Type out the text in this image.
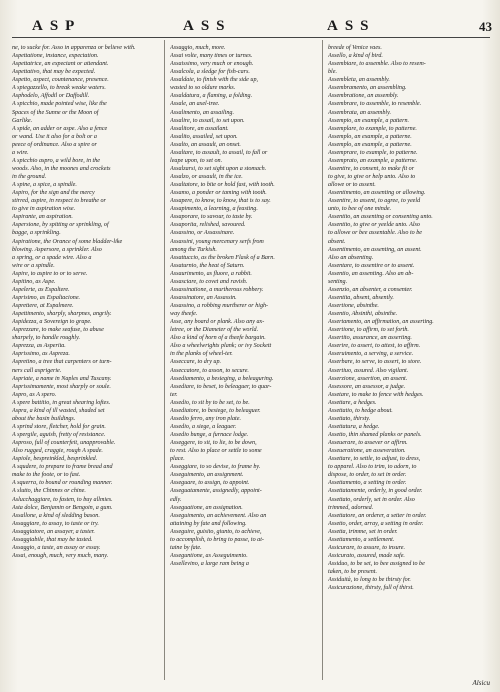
ASP	ASS	ASS	43
ne, to sucke for. Asso in apparenza or believe with.
Aspettatione, instance, expectation.
Aspettatrice, an expectant or attendant.
Aspettativo, that may be expected.
Aspetto, aspect, countenance, presence.
A spiegazzello, to break weake waters.
Asphodelo, Affodil or Daffodill.
A spicchio, made pointed wise, like the
Spaces of the Sunne or the Moon of
Garlike.
A spide, an adder or aspe. Also a fence
or wand. Use it also for a bolt or a
peece of ordinance. Also a spire or
a wire.
A spicchio aspro, a wild bore, in the
woods. Also, in the moones and crockets
in the ground.
A spine, a spice, a spindle.
Aspiro, for the sign and the mercy
stirred, aspire, in respect to breathe or
to give in aspiration wise.
Aspirante, an aspiration.
Aspersione, by spitting or sprinkling, of
bagge, a sprinkling.
Aspiratione, the Orance of some bladder-like
blowing. Aspersore, a sprinkler. Also
a spring, or a spade wire. Also a
wire or a spindle.
Aspire, to aspire to or to serve.
Aspitino, as Aspe.
Aspelerte, as Espaltere.
Asprisimo, as Espaltacione.
Asprettere, at Espalmere.
Aspettimento, sharply, sharpnes, angrily.
Aspidezza, a Sovereign to grape.
Asprezzare, to make seafuse, to abuse
sharpely, to handle roughly.
Asprezza, as Asperita.
Asprissimo, as Aspreza.
Aspretino, a tree that carpenters or turn-
ners call asprigerie.
Aspriate, a name in Naples and Tuscany.
Asprissimamente, most sharply or soule.
Aspro, as A spero.
A spere battitio, in great shearing loftes.
Aspra, a kind of ill wasted, shaded set
about the basin buildings.
A sprind store, fletcher, hold for grain.
A spergile, aguish, fretty of resistance.
Asproso, full of counterfeit, unapprovable.
Also rugged, craggie, rough A spade.
Aspiole, bespreinkled, besprinkled.
A squdere, to prepare to frame bread and
make to the foote, or to fast.
A squerra, to bound or rounding manner.
A slutto, the Chinnes or chine.
Aslucchaggiare, to fasten, to buy allmies.
Asta dolce, Benjamin or Bengoin, a gum.
Assallone, a kind of sledding bason.
Assaggiare, to assay, to taste or try.
Assaggiatore, an assayer, a taster.
Assaggiabile, that may be tasted.
Assaggio, a taste, an assay or essay.
Assai, enough, much, very much, many.
Assaggio, much, more.
Assai volte, many times or turnes.
Assaissimo, very much or enough.
Assalcola, a sledge for fish-cars.
Assaldaie, to finish with the side up,
wasted to so oldure marks.
Assaldatura, a flaming, a folding.
Assale, an axel-tree.
Assalimento, an assailing.
Assalire, to assail, to set upon.
Assalitore, an assailant.
Assalito, assailed, set upon.
Assalto, an assault, an onset.
Assaltare, to assault, to assail, to fall or
leape upon, to set on.
Assalzarsi, to set sight upon a stomach.
Assalzo, or assault, in the ice.
Assaltatore, to bite or hold fast, with tooth.
Assamo, a ponder or taming with tooth.
Assapere, to know, to know, that is to say.
Assapimento, a learning, a feasting.
Assaporare, to savour, to taste by.
Assaporita, relished, savoured.
Assassino, or Assassinare.
Assassini, young mercenary serfs from
among the Turkish.
Assattuccio, as the broken Flask of a Barn.
Assaturnio, the heat of Saturn.
Assaurimento, as fluore, a rabbit.
Assasciare, to covet and ravish.
Assassinatione, a murtherous robbery.
Assassinatore, an Assassin.
Assassino, a robbing murtherer or high-
way theefe.
Asse, any board or plank. Also any ax-
letree, or the Diameter of the world.
Also a kind of horn of a theefe bargain.
Also a wheelwrights plank; or ivy Sockett
in the planks of wheel-ter.
Asseccare, to dry up.
Asseccatore, to asson, to secure.
Assediamento, a besieging, a beleaguring.
Assediare, to beset, to beleaguer, to quar-
ter.
Assedio, to sit by to be set, to be.
Assediatore, to besiege, to beleaguer.
Assedio ferro, any iron plate.
Assedio, a siege, a leaguer.
Assedio bunge, a furnace lodge.
Asseggere, to sit, to lie, to be down,
to rest. Also to place or settle to some
place.
Asseggiare, to so devise, to frame by.
Asseguimento, an assignment.
Asseguare, to assign, to appoint.
Asseguatamente, assignedly, appoint-
edly.
Asseguatione, an assignation.
Asseguimento, an achievement. Also an
attaining by fate and following.
Asseguire, guisito, giunto, to achieve,
to accomplish, to bring to passe, to at-
taine by fate.
Asseguntione, as Asseguimento.
Assellevino, a large ram being a
breede of Venice vaes.
Assello, a kind of bird.
Assembiare, to assemble. Also to resem-
ble.
Assembleta, an assembly.
Assembramento, an assembling.
Assembratione, an assembly.
Assembrare, to assemble, to resemble.
Assembrata, an assembly.
Assempio, an example, a pattern.
Assemplare, to example, to patterne.
Assemplo, an example, a patterne.
Assemplo, an example, a patterne.
Assemprare, to example, to patterne.
Assemprato, an example, a patterne.
Assentire, to consent, to make fit or
to give, to give or help unto. Also to
allowe or to assent.
Assentimento, an assenting or allowing.
Assentire, to assent, to agree, to yeeld
unto, to bee of one minde.
Assentito, an assenting or consenting unto.
Assentito, to give or yeelde unto. Also
to allowe or bee assentable. Also to be
absent.
Assentimento, an assenting, an assent.
Also an absenting.
Assentare, to assentire or to assent.
Assentio, an assenting. Also an ab-
senting.
Assenzio, an absenter, a consenter.
Assentita, absent, absently.
Assertione, absinthe.
Assentio, Absinthi, absinthe.
Assertamento, an affirmation, an asserting.
Assertione, to affirm, to set forth.
Assertito, assurance, an asserting.
Asserire, to assert, to attest, to affirm.
Asseruimento, a serving, a service.
Asserbare, to serve, to assert, to store.
Assertiuo, assured. Also vigilant.
Asserzione, assertion, an assent.
Assessore, an assessor, a judge.
Assetare, to make to fence with hedges.
Assettare, a hedges.
Assettatio, to hedge about.
Assettato, thirsty.
Assettatura, a hedge.
Assetto, thin shamed planks or panels.
Asseuerare, to assever or affirm.
Asseueratione, an asseveration.
Assettare, to settle, to adjust, to dress,
to apparel. Also to trim, to adorn, to
dispose, to order, to set in order.
Assettamento, a setting in order.
Assettatamente, orderly, in good order.
Assettato, orderly, set in order. Also
trimmed, adorned.
Assettatore, an orderer, a setter in order.
Assetto, order, array, a setting in order.
Assetta, trimme, set in order.
Assettamento, a settlement.
Assicurare, to assure, to insure.
Assicurato, assured, made safe.
Assiduo, to be set, to bee assigned to be
taken, to be present.
Assiduità, to long to be thirsty for.
Assicurazione, thirsty, full of thirst.
Alsicu
